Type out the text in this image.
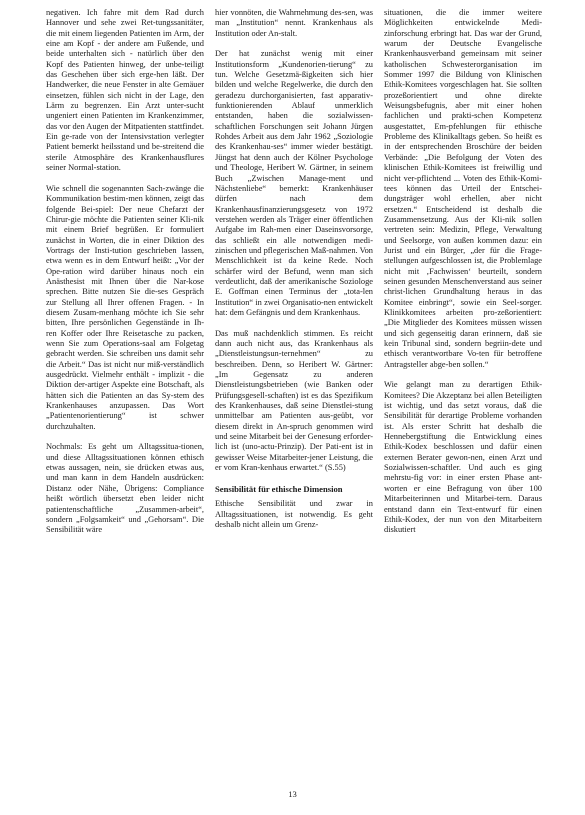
negativen. Ich fahre mit dem Rad durch Hannover und sehe zwei Ret-tungssanitäter, die mit einem liegenden Patienten im Arm, der eine am Kopf - der andere am Fußende, und beide unterhalten sich - natürlich über den Kopf des Patienten hinweg, der unbe-teiligt das Geschehen über sich erge-hen läßt. Der Handwerker, die neue Fenster in alte Gemäuer einsetzen, fühlen sich nicht in der Lage, den Lärm zu begrenzen. Ein Arzt unter-sucht ungeniert einen Patienten im Krankenzimmer, das vor den Augen der Mitpatienten stattfindet. Ein ge-rade von der Intensivstation verlegter Patient bemerkt heilsstand und be-streitend die sterile Atmosphäre des Krankenhausflures seiner Normal-station.

Wie schnell die sogenannten Sach-zwänge die Kommunikation bestim-men können, zeigt das folgende Bei-spiel: Der neue Chefarzt der Chirur-gie möchte die Patienten seiner Kli-nik mit einem Brief begrüßen. Er formuliert zunächst in Worten, die in einer Diktion des Vortrags der Insti-tution geschrieben lassen, etwa wenn es in dem Entwurf heißt: „Vor der Ope-ration wird darüber hinaus noch ein Anästhesist mit Ihnen über die Nar-kose sprechen. Bitte nutzen Sie die-ses Gespräch zur Stellung all Ihrer offenen Fragen. - In diesem Zusam-menhang möchte ich Sie sehr bitten, Ihre persönlichen Gegenstände in Ih-ren Koffer oder Ihre Reisetasche zu packen, wenn Sie zum Operations-saal am Folgetag gebracht werden. Sie schreiben uns damit sehr die Arbeit.“ Das ist nicht nur miß-verständlich ausgedrückt. Vielmehr enthält - implizit - die Diktion der-artiger Aspekte eine Botschaft, als hätten sich die Patienten an das Sy-stem des Krankenhauses anzupassen. Das Wort „Patientenorientierung“ ist schwer durchzuhalten.

Nochmals: Es geht um Alltagssitua-tionen, und diese Alltagssituationen können ethisch etwas aussagen, nein, sie drücken etwas aus, und man kann in dem Handeln ausdrücken: Distanz oder Nähe, Übrigens: Compliance heißt wörtlich übersetzt eben leider nicht patientenschaftliche „Zusammen-arbeit“, sondern „Folgsamkeit“ und „Gehorsam“. Die Sensibilität wäre

hier vonnöten, die Wahrnehmung des-sen, was man „Institution“ nennt. Krankenhaus als Institution oder An-stalt.

Der hat zunächst wenig mit einer Institutionsform „Kundenorien-tierung“ zu tun. Welche Gesetzmä-ßigkeiten sich hier bilden und welche Regelwerke, die durch den geradezu durchorganisierten, fast apparativ-funktionierenden Ablauf unmerklich entstanden, haben die sozialwissen-schaftlichen Forschungen seit Johann Jürgen Rohdes Arbeit aus dem Jahr 1962 „Soziologie des Krankenhau-ses“ immer wieder bestätigt. Jüngst hat denn auch der Kölner Psychologe und Theologe, Heribert W. Gärtner, in seinem Buch „Zwischen Manage-ment und Nächstenliebe“ bemerkt: Krankenhäuser dürfen nach dem Krankenhausfinanzierungsgesetz von 1972 verstehen werden als Träger einer öffentlichen Aufgabe im Rah-men einer Daseinsvorsorge, das schließt ein alle notwendigen medi-zinischen und pflegerischen Maß-nahmen. Von Menschlichkeit ist da keine Rede. Noch schärfer wird der Befund, wenn man sich verdeutlicht, daß der amerikanische Soziologe E. Goffman einen Terminus der „tota-len Institution“ in zwei Organisatio-nen entwickelt hat: dem Gefängnis und dem Krankenhaus.

Das muß nachdenklich stimmen. Es reicht dann auch nicht aus, das Krankenhaus als „Dienstleistungsun-ternehmen“ zu beschreiben. Denn, so Heribert W. Gärtner: „Im Gegensatz zu anderen Dienstleistungsbetrieben (wie Banken oder Prüfungsgesell-schaften) ist es das Spezifikum des Krankenhauses, daß seine Dienstlei-stung unmittelbar am Patienten aus-geübt, vor diesem direkt in An-spruch genommen wird und seine Mitarbeit bei der Genesung erforder-lich ist (uno-actu-Prinzip). Der Pati-ent ist in gewisser Weise Mitarbeiter-jener Leistung, die er vom Kran-kenhaus erwartet.“ (S.55)

Sensibilität für ethische Dimension

Ethische Sensibilität und zwar in Alltagssituationen, ist notwendig. Es geht deshalb nicht allein um Grenz-

situationen, die die immer weitere Möglichkeiten entwickelnde Medi-zinforschung erbringt hat. Das war der Grund, warum der Deutsche Evangelische Krankenhausverband gemeinsam mit seiner katholischen Schwesterorganisation im Sommer 1997 die Bildung von Klinischen Ethik-Komitees vorgeschlagen hat. Sie sollten prozeßorientiert und ohne direkte Weisungsbefugnis, aber mit einer hohen fachlichen und prakti-schen Kompetenz ausgestattet, Em-pfehlungen für ethische Probleme des Klinikalltags geben. So heißt es in der entsprechenden Broschüre der beiden Verbände: „Die Befolgung der Voten des klinischen Ethik-Komitees ist freiwillig und nicht ver-pflichtend ... Voten des Ethik-Komi-tees können das Urteil der Entschei-dungsträger wohl erhellen, aber nicht ersetzen.“ Entscheidend ist deshalb die Zusammensetzung. Aus der Kli-nik sollen vertreten sein: Medizin, Pflege, Verwaltung und Seelsorge, von außen kommen dazu: ein Jurist und ein Bürger, „der für die Frage-stellungen aufgeschlossen ist, die Problemlage nicht mit ‚Fachwissen‘ beurteilt, sondern seinen gesunden Menschenverstand aus seiner christ-lichen Grundhaltung heraus in das Komitee einbringt“, sowie ein Seel-sorger. Klinikkomitees arbeiten pro-zeßorientiert: „Die Mitglieder des Komitees müssen wissen und sich gegenseitig daran erinnern, daß sie kein Tribunal sind, sondern begriin-dete und ethisch verantwortbare Vo-ten für betroffene Antragsteller abge-ben sollen.“

Wie gelangt man zu derartigen Ethik-Komitees? Die Akzeptanz bei allen Beteiligten ist wichtig, und das setzt voraus, daß die Sensibilität für derartige Probleme vorhanden ist. Als erster Schritt hat deshalb die Hennebergstiftung die Entwicklung eines Ethik-Kodex beschlossen und dafür einen externen Berater gewon-nen, einen Arzt und Sozialwissen-schaftler. Und auch es ging mehrstu-fig vor: in einer ersten Phase ant-worten er eine Befragung von über 100 Mitarbeiterinnen und Mitarbei-tern. Daraus entstand dann ein Text-entwurf für einen Ethik-Kodex, der nun von den Mitarbeitern diskutiert

13
